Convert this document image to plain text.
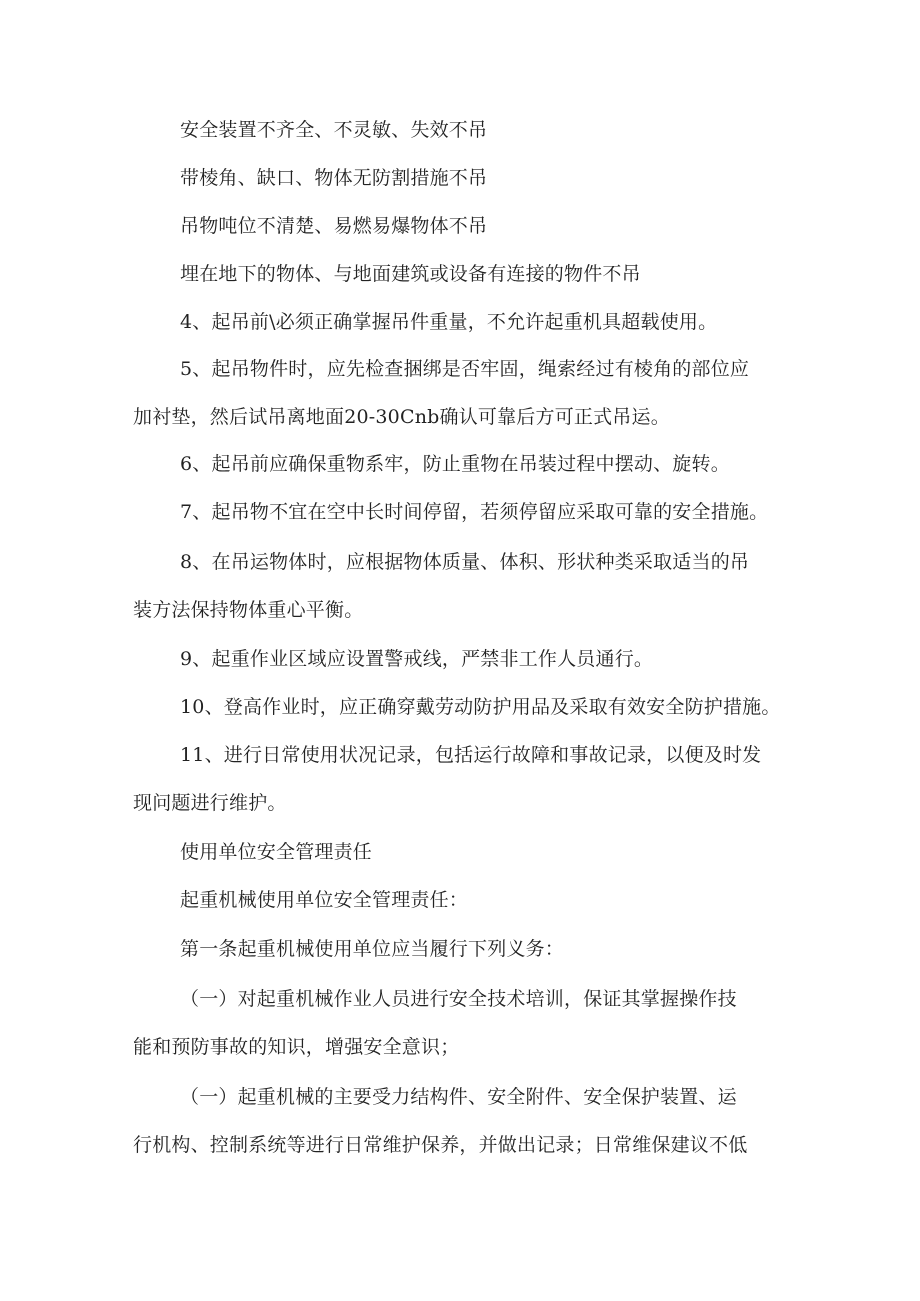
安全装置不齐全、不灵敏、失效不吊

带棱角、缺口、物体无防割措施不吊

吊物吨位不清楚、易燃易爆物体不吊

埋在地下的物体、与地面建筑或设备有连接的物件不吊

4、起吊前\必须正确掌握吊件重量，不允许起重机具超载使用。

5、起吊物件时，应先检查捆绑是否牢固，绳索经过有棱角的部位应

加衬垫，然后试吊离地面20-30Cnb确认可靠后方可正式吊运。

6、起吊前应确保重物系牢，防止重物在吊装过程中摆动、旋转。

7、起吊物不宜在空中长时间停留，若须停留应采取可靠的安全措施。

8、在吊运物体时，应根据物体质量、体积、形状种类采取适当的吊

装方法保持物体重心平衡。

9、起重作业区域应设置警戒线，严禁非工作人员通行。

10、登高作业时，应正确穿戴劳动防护用品及采取有效安全防护措施。

11、进行日常使用状况记录，包括运行故障和事故记录，以便及时发

现问题进行维护。

使用单位安全管理责任

起重机械使用单位安全管理责任：

第一条起重机械使用单位应当履行下列义务：

（一）对起重机械作业人员进行安全技术培训，保证其掌握操作技

能和预防事故的知识，增强安全意识；

（一）起重机械的主要受力结构件、安全附件、安全保护装置、运

行机构、控制系统等进行日常维护保养，并做出记录；日常维保建议不低
